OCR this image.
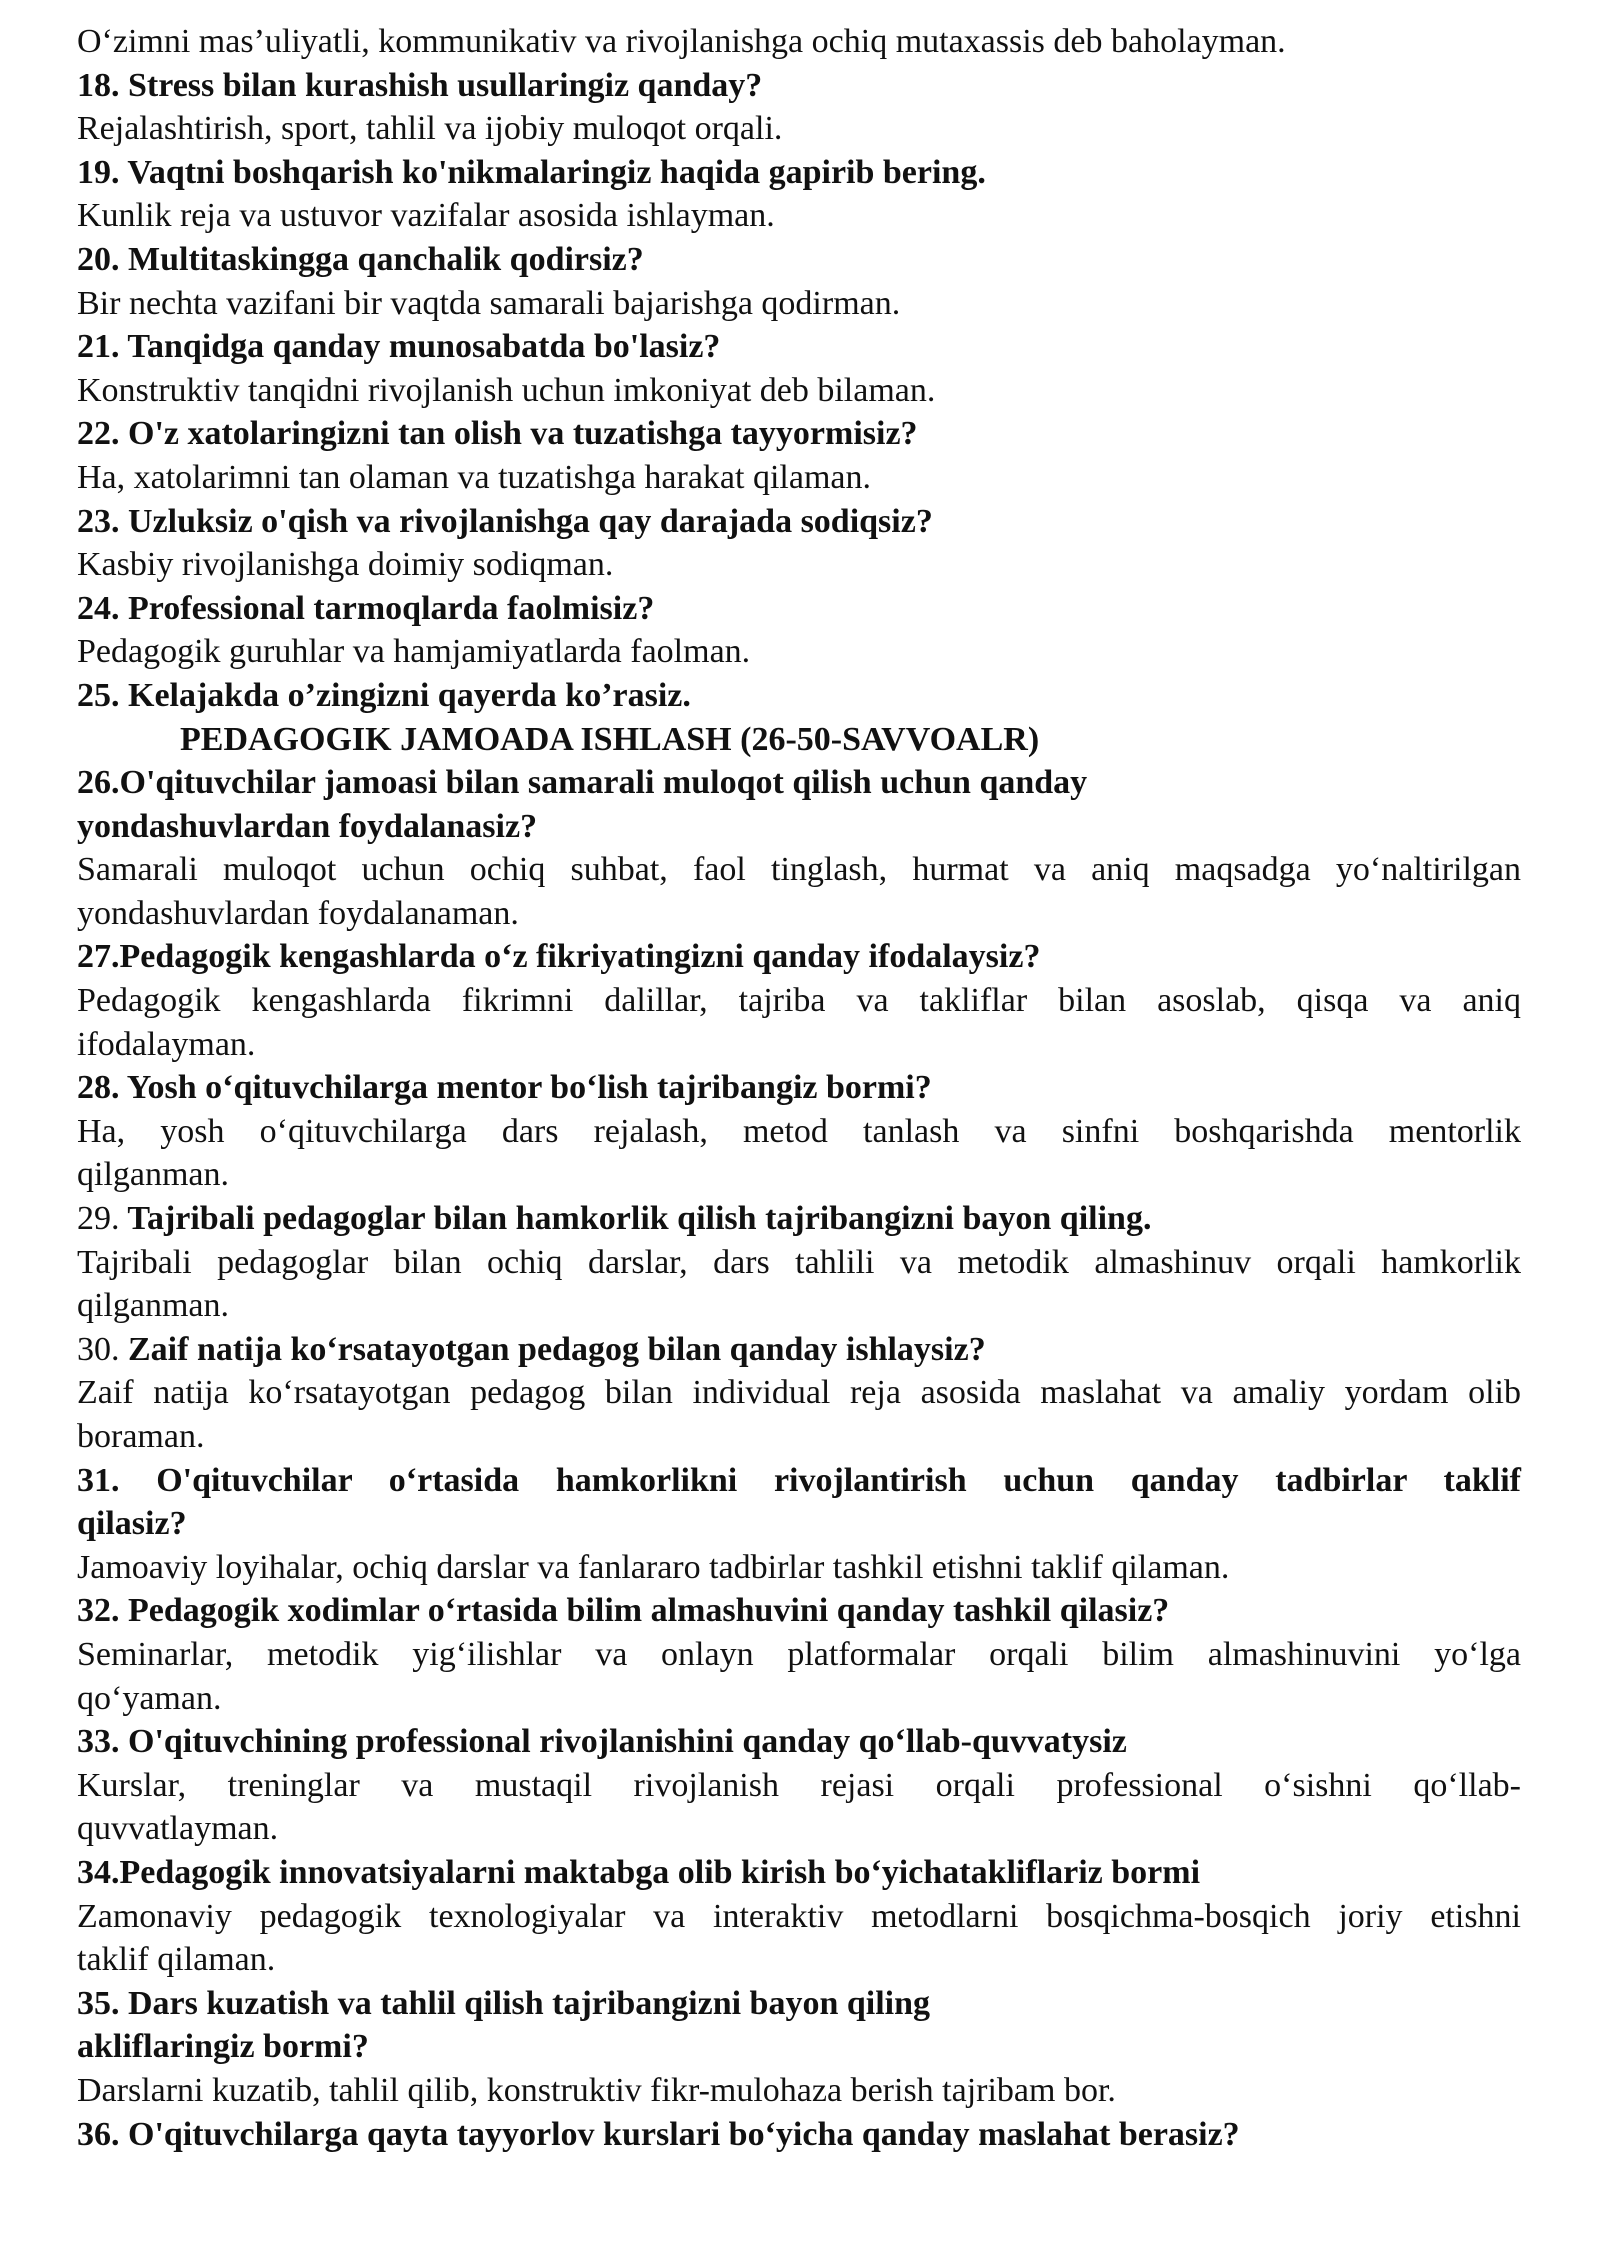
O‘zimni mas’uliyatli, kommunikativ va rivojlanishga ochiq mutaxassis deb baholayman.
18. Stress bilan kurashish usullaringiz qanday?
Rejalashtirish, sport, tahlil va ijobiy muloqot orqali.
19. Vaqtni boshqarish ko'nikmalaringiz haqida gapirib bering.
Kunlik reja va ustuvor vazifalar asosida ishlayman.
20. Multitaskingga qanchalik qodirsiz?
Bir nechta vazifani bir vaqtda samarali bajarishga qodirman.
21. Tanqidga qanday munosabatda bo'lasiz?
Konstruktiv tanqidni rivojlanish uchun imkoniyat deb bilaman.
22. O'z xatolaringizni tan olish va tuzatishga tayyormisiz?
Ha, xatolarimni tan olaman va tuzatishga harakat qilaman.
23. Uzluksiz o'qish va rivojlanishga qay darajada sodiqsiz?
Kasbiy rivojlanishga doimiy sodiqman.
24. Professional tarmoqlarda faolmisiz?
Pedagogik guruhlar va hamjamiyatlarda faolman.
25. Kelajakda o’zingizni qayerda ko’rasiz.
PEDAGOGIK JAMOADA ISHLASH (26-50-SAVVOALR)
26.O'qituvchilar jamoasi bilan samarali muloqot qilish uchun qanday
yondashuvlardan foydalanasiz?
Samarali muloqot uchun ochiq suhbat, faol tinglash, hurmat va aniq maqsadga yo‘naltirilgan
yondashuvlardan foydalanaman.
27.Pedagogik kengashlarda o‘z fikriyatingizni qanday ifodalaysiz?
Pedagogik kengashlarda fikrimni dalillar, tajriba va takliflar bilan asoslab, qisqa va aniq
ifodalayman.
28. Yosh o‘qituvchilarga mentor bo‘lish tajribangiz bormi?
Ha, yosh o‘qituvchilarga dars rejalash, metod tanlash va sinfni boshqarishda mentorlik
qilganman.
29. Tajribali pedagoglar bilan hamkorlik qilish tajribangizni bayon qiling.
Tajribali pedagoglar bilan ochiq darslar, dars tahlili va metodik almashinuv orqali hamkorlik
qilganman.
30. Zaif natija ko‘rsatayotgan pedagog bilan qanday ishlaysiz?
Zaif natija ko‘rsatayotgan pedagog bilan individual reja asosida maslahat va amaliy yordam olib
boraman.
31. O'qituvchilar o‘rtasida hamkorlikni rivojlantirish uchun qanday tadbirlar taklif
qilasiz?
Jamoaviy loyihalar, ochiq darslar va fanlararo tadbirlar tashkil etishni taklif qilaman.
32. Pedagogik xodimlar o‘rtasida bilim almashuvini qanday tashkil qilasiz?
Seminarlar, metodik yig‘ilishlar va onlayn platformalar orqali bilim almashinuvini yo‘lga
qo‘yaman.
33. O'qituvchining professional rivojlanishini qanday qo‘llab-quvvatysiz
Kurslar, treninglar va mustaqil rivojlanish rejasi orqali professional o‘sishni qo‘llab-
quvvatlayman.
34.Pedagogik innovatsiyalarni maktabga olib kirish bo‘yichatakliflariz bormi
Zamonaviy pedagogik texnologiyalar va interaktiv metodlarni bosqichma-bosqich joriy etishni
taklif qilaman.
35. Dars kuzatish va tahlil qilish tajribangizni bayon qiling
akliflaringiz bormi?
Darslarni kuzatib, tahlil qilib, konstruktiv fikr-mulohaza berish tajribam bor.
36. O'qituvchilarga qayta tayyorlov kurslari bo‘yicha qanday maslahat berasiz?
